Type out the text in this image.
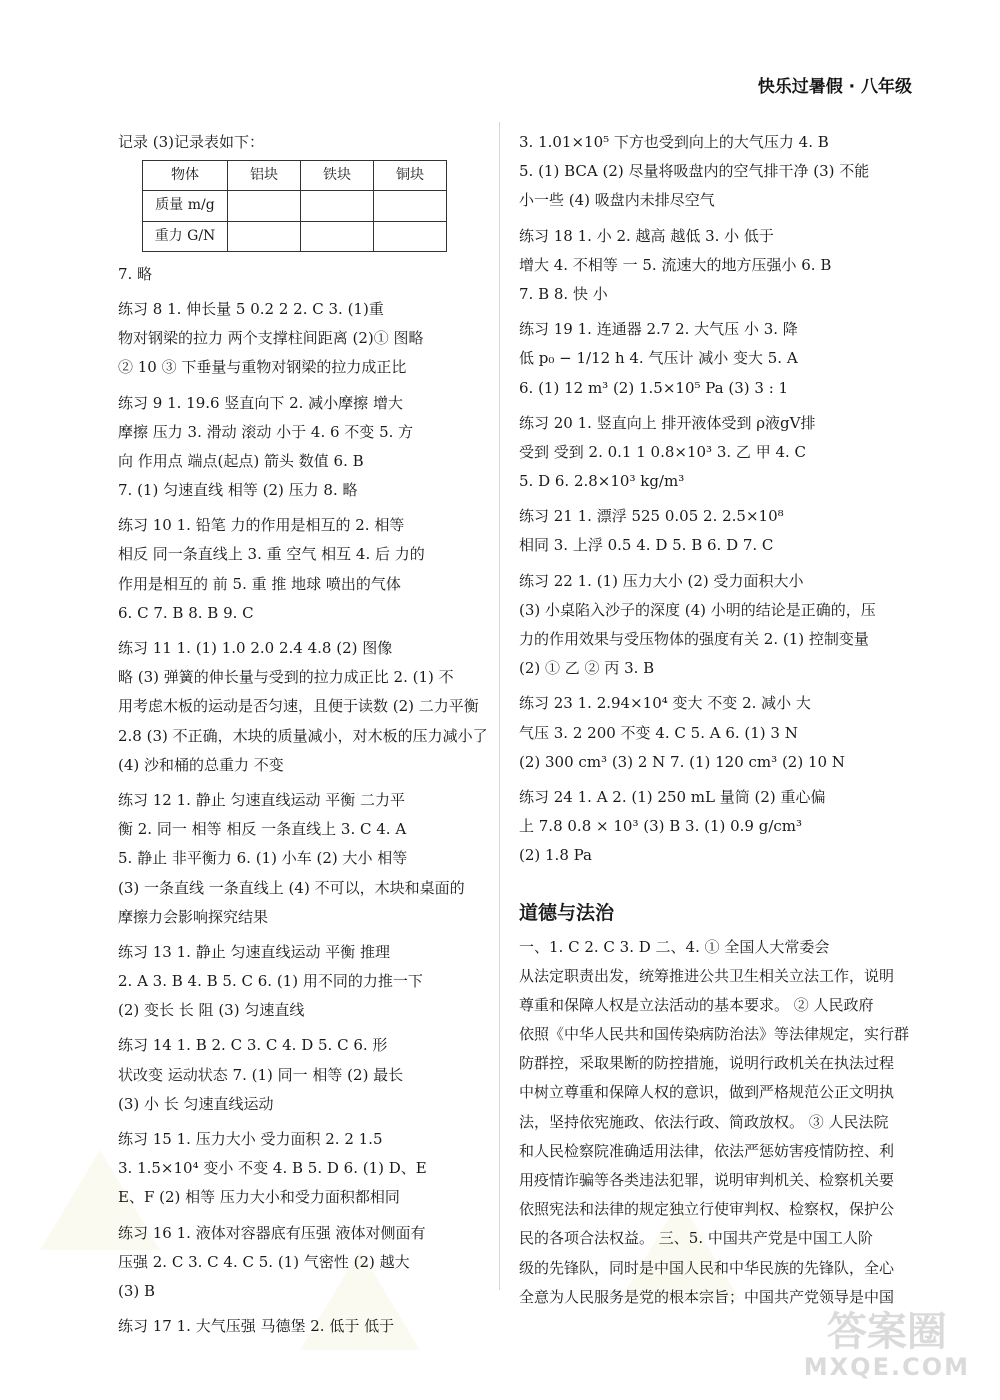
快乐过暑假 · 八年级
记录 (3)记录表如下：
物体	铝块	铁块	铜块
质量 m/g			
重力 G/N			
7. 略
练习 8 1. 伸长量 5 0.2 2 2. C 3. (1)重
物对钢梁的拉力 两个支撑柱间距离 (2)① 图略
② 10 ③ 下垂量与重物对钢梁的拉力成正比
练习 9 1. 19.6 竖直向下 2. 减小摩擦 增大
摩擦 压力 3. 滑动 滚动 小于 4. 6 不变 5. 方
向 作用点 端点(起点) 箭头 数值 6. B
7. (1) 匀速直线 相等 (2) 压力 8. 略
练习 10 1. 铅笔 力的作用是相互的 2. 相等
相反 同一条直线上 3. 重 空气 相互 4. 后 力的
作用是相互的 前 5. 重 推 地球 喷出的气体
6. C 7. B 8. B 9. C
练习 11 1. (1) 1.0 2.0 2.4 4.8 (2) 图像
略 (3) 弹簧的伸长量与受到的拉力成正比 2. (1) 不
用考虑木板的运动是否匀速，且便于读数 (2) 二力平衡
2.8 (3) 不正确，木块的质量减小，对木板的压力减小了
(4) 沙和桶的总重力 不变
练习 12 1. 静止 匀速直线运动 平衡 二力平
衡 2. 同一 相等 相反 一条直线上 3. C 4. A
5. 静止 非平衡力 6. (1) 小车 (2) 大小 相等
(3) 一条直线 一条直线上 (4) 不可以，木块和桌面的
摩擦力会影响探究结果
练习 13 1. 静止 匀速直线运动 平衡 推理
2. A 3. B 4. B 5. C 6. (1) 用不同的力推一下
(2) 变长 长 阻 (3) 匀速直线
练习 14 1. B 2. C 3. C 4. D 5. C 6. 形
状改变 运动状态 7. (1) 同一 相等 (2) 最长
(3) 小 长 匀速直线运动
练习 15 1. 压力大小 受力面积 2. 2 1.5
3. 1.5×10⁴ 变小 不变 4. B 5. D 6. (1) D、E
E、F (2) 相等 压力大小和受力面积都相同
练习 16 1. 液体对容器底有压强 液体对侧面有
压强 2. C 3. C 4. C 5. (1) 气密性 (2) 越大
(3) B
练习 17 1. 大气压强 马德堡 2. 低于 低于
3. 1.01×10⁵ 下方也受到向上的大气压力 4. B
5. (1) BCA (2) 尽量将吸盘内的空气排干净 (3) 不能
小一些 (4) 吸盘内未排尽空气
练习 18 1. 小 2. 越高 越低 3. 小 低于
增大 4. 不相等 一 5. 流速大的地方压强小 6. B
7. B 8. 快 小
练习 19 1. 连通器 2.7 2. 大气压 小 3. 降
低 p₀ − 1/12 h 4. 气压计 减小 变大 5. A
6. (1) 12 m³ (2) 1.5×10⁵ Pa (3) 3 : 1
练习 20 1. 竖直向上 排开液体受到 ρ液gV排
受到 受到 2. 0.1 1 0.8×10³ 3. 乙 甲 4. C
5. D 6. 2.8×10³ kg/m³
练习 21 1. 漂浮 525 0.05 2. 2.5×10⁸
相同 3. 上浮 0.5 4. D 5. B 6. D 7. C
练习 22 1. (1) 压力大小 (2) 受力面积大小
(3) 小桌陷入沙子的深度 (4) 小明的结论是正确的，压
力的作用效果与受压物体的强度有关 2. (1) 控制变量
(2) ① 乙 ② 丙 3. B
练习 23 1. 2.94×10⁴ 变大 不变 2. 减小 大
气压 3. 2 200 不变 4. C 5. A 6. (1) 3 N
(2) 300 cm³ (3) 2 N 7. (1) 120 cm³ (2) 10 N
练习 24 1. A 2. (1) 250 mL 量筒 (2) 重心偏
上 7.8 0.8 × 10³ (3) B 3. (1) 0.9 g/cm³
(2) 1.8 Pa
道德与法治
一、1. C 2. C 3. D 二、4. ① 全国人大常委会
从法定职责出发，统筹推进公共卫生相关立法工作，说明
尊重和保障人权是立法活动的基本要求。 ② 人民政府
依照《中华人民共和国传染病防治法》等法律规定，实行群
防群控，采取果断的防控措施，说明行政机关在执法过程
中树立尊重和保障人权的意识，做到严格规范公正文明执
法，坚持依宪施政、依法行政、简政放权。 ③ 人民法院
和人民检察院准确适用法律，依法严惩妨害疫情防控、利
用疫情诈骗等各类违法犯罪，说明审判机关、检察机关要
依照宪法和法律的规定独立行使审判权、检察权，保护公
民的各项合法权益。 三、5. 中国共产党是中国工人阶
级的先锋队，同时是中国人民和中华民族的先锋队，全心
全意为人民服务是党的根本宗旨；中国共产党领导是中国
答案圈
MXQE.COM
